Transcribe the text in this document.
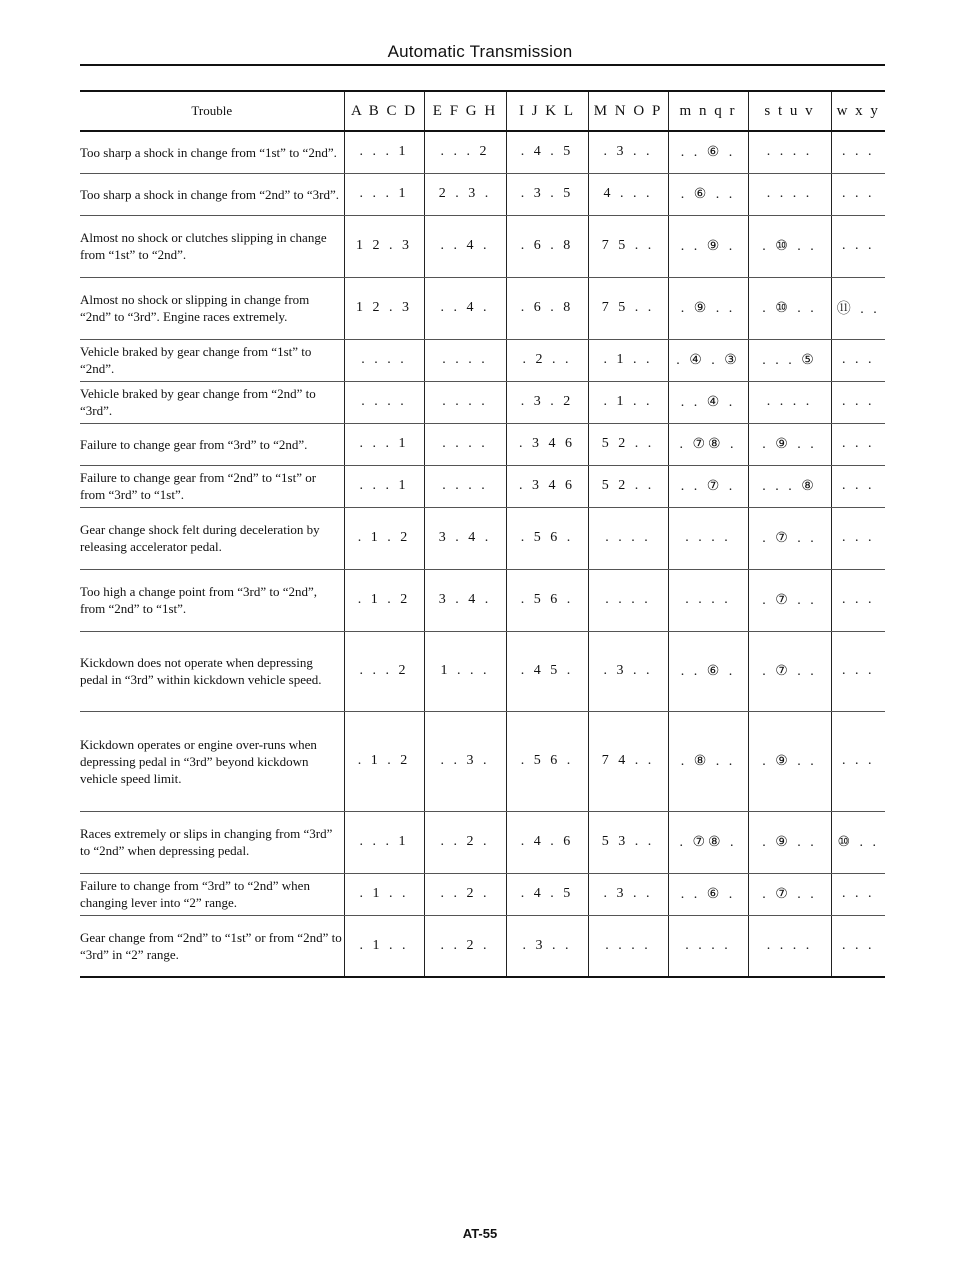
Automatic Transmission
Trouble	A B C D	E F G H	I J K L	M N O P	m n q r	s t u v	w x y
Too sharp a shock in change from “1st” to “2nd”.	. . . 1	. . . 2	. 4 . 5	. 3 . .	. . ⑥ .	. . . .	. . .
Too sharp a shock in change from “2nd” to “3rd”.	. . . 1	2 . 3 .	. 3 . 5	4 . . .	. ⑥ . .	. . . .	. . .
Almost no shock or clutches slipping in change from “1st” to “2nd”.	1 2 . 3	. . 4 .	. 6 . 8	7 5 . .	. . ⑨ .	. ⑩ . .	. . .
Almost no shock or slipping in change from “2nd” to “3rd”. Engine races extremely.	1 2 . 3	. . 4 .	. 6 . 8	7 5 . .	. ⑨ . .	. ⑩ . .	⑪ . .
Vehicle braked by gear change from “1st” to “2nd”.	. . . .	. . . .	. 2 . .	. 1 . .	. ④ . ③	. . . ⑤	. . .
Vehicle braked by gear change from “2nd” to “3rd”.	. . . .	. . . .	. 3 . 2	. 1 . .	. . ④ .	. . . .	. . .
Failure to change gear from “3rd” to “2nd”.	. . . 1	. . . .	. 3 4 6	5 2 . .	. ⑦⑧ .	. ⑨ . .	. . .
Failure to change gear from “2nd” to “1st” or from “3rd” to “1st”.	. . . 1	. . . .	. 3 4 6	5 2 . .	. . ⑦ .	. . . ⑧	. . .
Gear change shock felt during deceleration by releasing accelerator pedal.	. 1 . 2	3 . 4 .	. 5 6 .	. . . .	. . . .	. ⑦ . .	. . .
Too high a change point from “3rd” to “2nd”, from “2nd” to “1st”.	. 1 . 2	3 . 4 .	. 5 6 .	. . . .	. . . .	. ⑦ . .	. . .
Kickdown does not operate when depressing pedal in “3rd” within kickdown vehicle speed.	. . . 2	1 . . .	. 4 5 .	. 3 . .	. . ⑥ .	. ⑦ . .	. . .
Kickdown operates or engine over-runs when depressing pedal in “3rd” beyond kickdown vehicle speed limit.	. 1 . 2	. . 3 .	. 5 6 .	7 4 . .	. ⑧ . .	. ⑨ . .	. . .
Races extremely or slips in changing from “3rd” to “2nd” when depressing pedal.	. . . 1	. . 2 .	. 4 . 6	5 3 . .	. ⑦⑧ .	. ⑨ . .	⑩ . .
Failure to change from “3rd” to “2nd” when changing lever into “2” range.	. 1 . .	. . 2 .	. 4 . 5	. 3 . .	. . ⑥ .	. ⑦ . .	. . .
Gear change from “2nd” to “1st” or from “2nd” to “3rd” in “2” range.	. 1 . .	. . 2 .	. 3 . .	. . . .	. . . .	. . . .	. . .
AT-55
